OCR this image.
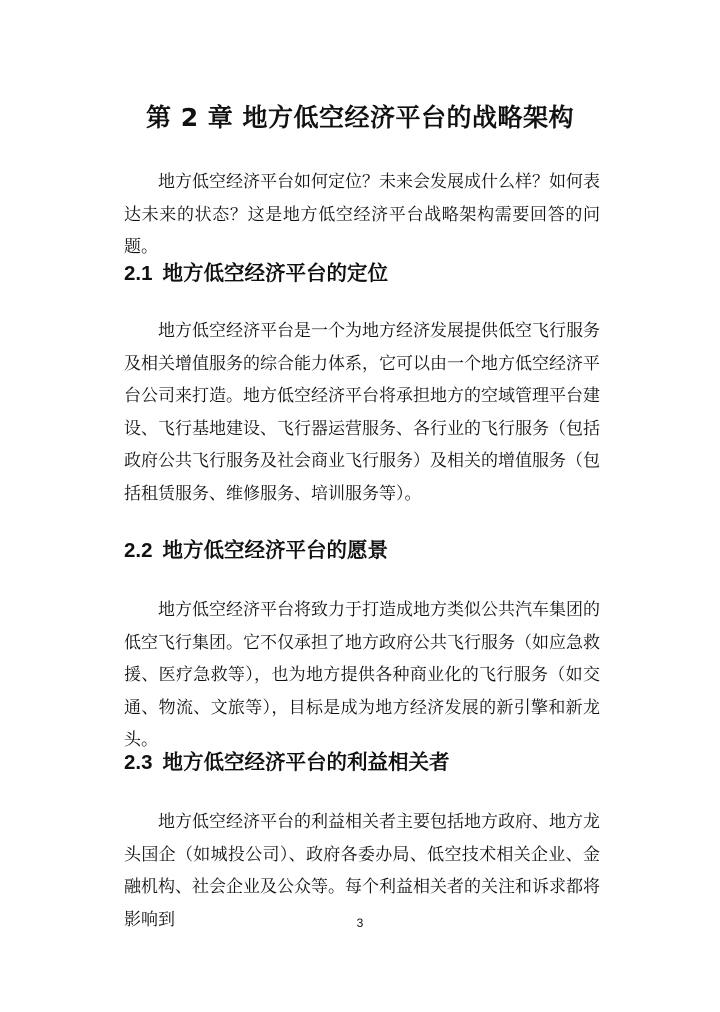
第 2 章 地方低空经济平台的战略架构

地方低空经济平台如何定位？未来会发展成什么样？如何表达未来的状态？这是地方低空经济平台战略架构需要回答的问题。

2.1 地方低空经济平台的定位

地方低空经济平台是一个为地方经济发展提供低空飞行服务及相关增值服务的综合能力体系，它可以由一个地方低空经济平台公司来打造。地方低空经济平台将承担地方的空域管理平台建设、飞行基地建设、飞行器运营服务、各行业的飞行服务（包括政府公共飞行服务及社会商业飞行服务）及相关的增值服务（包括租赁服务、维修服务、培训服务等）。

2.2 地方低空经济平台的愿景

地方低空经济平台将致力于打造成地方类似公共汽车集团的低空飞行集团。它不仅承担了地方政府公共飞行服务（如应急救援、医疗急救等），也为地方提供各种商业化的飞行服务（如交通、物流、文旅等），目标是成为地方经济发展的新引擎和新龙头。

2.3 地方低空经济平台的利益相关者

地方低空经济平台的利益相关者主要包括地方政府、地方龙头国企（如城投公司）、政府各委办局、低空技术相关企业、金融机构、社会企业及公众等。每个利益相关者的关注和诉求都将影响到	3
